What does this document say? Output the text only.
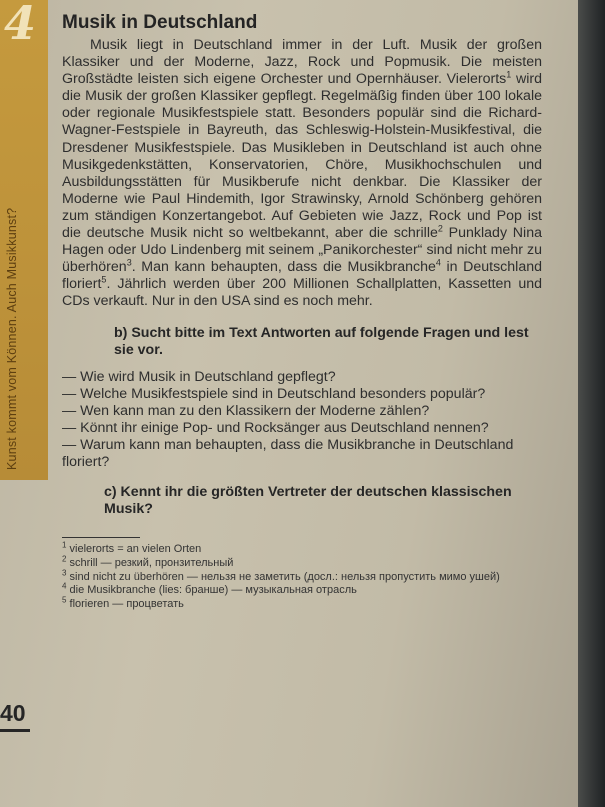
4
Kunst kommt vom Können. Auch Musikkunst?
40
Musik in Deutschland

Musik liegt in Deutschland immer in der Luft. Musik der großen Klassiker und der Moderne, Jazz, Rock und Popmusik. Die meisten Großstädte leisten sich eigene Orchester und Opernhäuser. Vielerorts$^1$ wird die Musik der großen Klassiker gepflegt. Regelmäßig finden über 100 lokale oder regionale Musikfestspiele statt. Besonders populär sind die Richard-Wagner-Festspiele in Bayreuth, das Schleswig-Holstein-Musikfestival, die Dresdener Musikfestspiele. Das Musikleben in Deutschland ist auch ohne Musikgedenkstätten, Konservatorien, Chöre, Musikhochschulen und Ausbildungsstätten für Musikberufe nicht denkbar. Die Klassiker der Moderne wie Paul Hindemith, Igor Strawinsky, Arnold Schönberg gehören zum ständigen Konzertangebot. Auf Gebieten wie Jazz, Rock und Pop ist die deutsche Musik nicht so weltbekannt, aber die schrille$^2$ Punklady Nina Hagen oder Udo Lindenberg mit seinem „Panikorchester“ sind nicht mehr zu überhören$^3$. Man kann behaupten, dass die Musikbranche$^4$ in Deutschland floriert$^5$. Jährlich werden über 200 Millionen Schallplatten, Kassetten und CDs verkauft. Nur in den USA sind es noch mehr.

b) Sucht bitte im Text Antworten auf folgende Fragen und lest sie vor.
— Wie wird Musik in Deutschland gepflegt?
— Welche Musikfestspiele sind in Deutschland besonders populär?
— Wen kann man zu den Klassikern der Moderne zählen?
— Könnt ihr einige Pop- und Rocksänger aus Deutschland nennen?
— Warum kann man behaupten, dass die Musikbranche in Deutschland floriert?
c) Kennt ihr die größten Vertreter der deutschen klassischen Musik?
$^1$ vielerorts = an vielen Orten
$^2$ schrill — резкий, пронзительный
$^3$ sind nicht zu überhören — нельзя не заметить (досл.: нельзя пропустить мимо ушей)
$^4$ die Musikbranche (lies: бранше) — музыкальная отрасль
$^5$ florieren — процветать
